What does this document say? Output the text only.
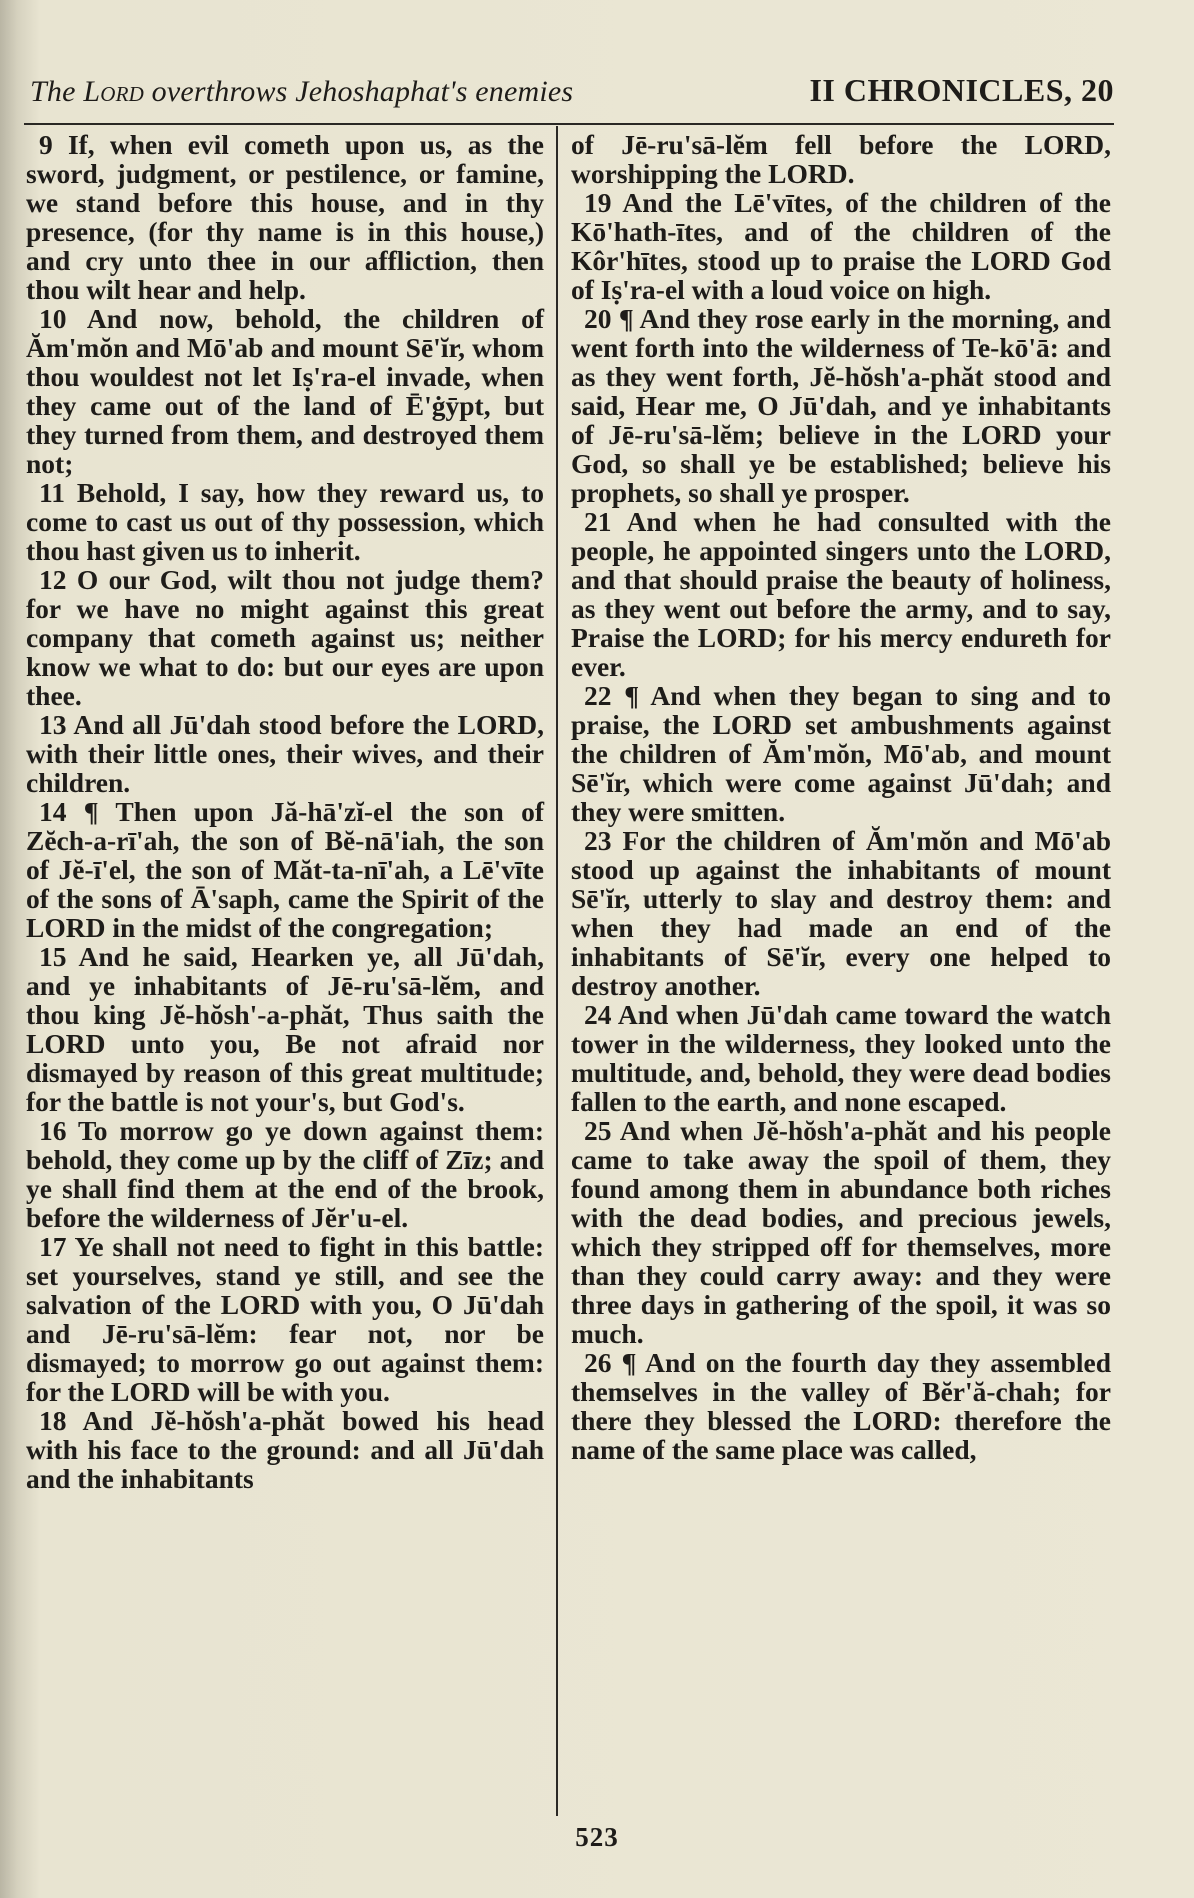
The Lord overthrows Jehoshaphat's enemies	II CHRONICLES, 20

9 If, when evil cometh upon us, as the sword, judgment, or pestilence, or famine, we stand before this house, and in thy presence, (for thy name is in this house,) and cry unto thee in our affliction, then thou wilt hear and help.

10 And now, behold, the children of Ăm'mŏn and Mō'ab and mount Sē'ĭr, whom thou wouldest not let Iṣ'ra-el invade, when they came out of the land of Ē'ġȳpt, but they turned from them, and destroyed them not;

11 Behold, I say, how they reward us, to come to cast us out of thy possession, which thou hast given us to inherit.

12 O our God, wilt thou not judge them? for we have no might against this great company that cometh against us; neither know we what to do: but our eyes are upon thee.

13 And all Jū'dah stood before the LORD, with their little ones, their wives, and their children.

14 ¶ Then upon Jă-hā'zĭ-el the son of Zĕch-a-rī'ah, the son of Bĕ-nā'iah, the son of Jĕ-ī'el, the son of Măt-ta-nī'ah, a Lē'vīte of the sons of Ā'saph, came the Spirit of the LORD in the midst of the congregation;

15 And he said, Hearken ye, all Jū'dah, and ye inhabitants of Jē-ru'sā-lĕm, and thou king Jĕ-hŏsh'-a-phăt, Thus saith the LORD unto you, Be not afraid nor dismayed by reason of this great multitude; for the battle is not your's, but God's.

16 To morrow go ye down against them: behold, they come up by the cliff of Zīz; and ye shall find them at the end of the brook, before the wilderness of Jĕr'u-el.

17 Ye shall not need to fight in this battle: set yourselves, stand ye still, and see the salvation of the LORD with you, O Jū'dah and Jē-ru'sā-lĕm: fear not, nor be dismayed; to morrow go out against them: for the LORD will be with you.

18 And Jĕ-hŏsh'a-phăt bowed his head with his face to the ground: and all Jū'dah and the inhabitants

of Jē-ru'sā-lĕm fell before the LORD, worshipping the LORD.

19 And the Lē'vītes, of the children of the Kō'hath-ītes, and of the children of the Kôr'hītes, stood up to praise the LORD God of Iṣ'ra-el with a loud voice on high.

20 ¶ And they rose early in the morning, and went forth into the wilderness of Te-kō'ā: and as they went forth, Jĕ-hŏsh'a-phăt stood and said, Hear me, O Jū'dah, and ye inhabitants of Jē-ru'sā-lĕm; believe in the LORD your God, so shall ye be established; believe his prophets, so shall ye prosper.

21 And when he had consulted with the people, he appointed singers unto the LORD, and that should praise the beauty of holiness, as they went out before the army, and to say, Praise the LORD; for his mercy endureth for ever.

22 ¶ And when they began to sing and to praise, the LORD set ambushments against the children of Ăm'mŏn, Mō'ab, and mount Sē'ĭr, which were come against Jū'dah; and they were smitten.

23 For the children of Ăm'mŏn and Mō'ab stood up against the inhabitants of mount Sē'ĭr, utterly to slay and destroy them: and when they had made an end of the inhabitants of Sē'ĭr, every one helped to destroy another.

24 And when Jū'dah came toward the watch tower in the wilderness, they looked unto the multitude, and, behold, they were dead bodies fallen to the earth, and none escaped.

25 And when Jĕ-hŏsh'a-phăt and his people came to take away the spoil of them, they found among them in abundance both riches with the dead bodies, and precious jewels, which they stripped off for themselves, more than they could carry away: and they were three days in gathering of the spoil, it was so much.

26 ¶ And on the fourth day they assembled themselves in the valley of Bĕr'ă-chah; for there they blessed the LORD: therefore the name of the same place was called,

523
